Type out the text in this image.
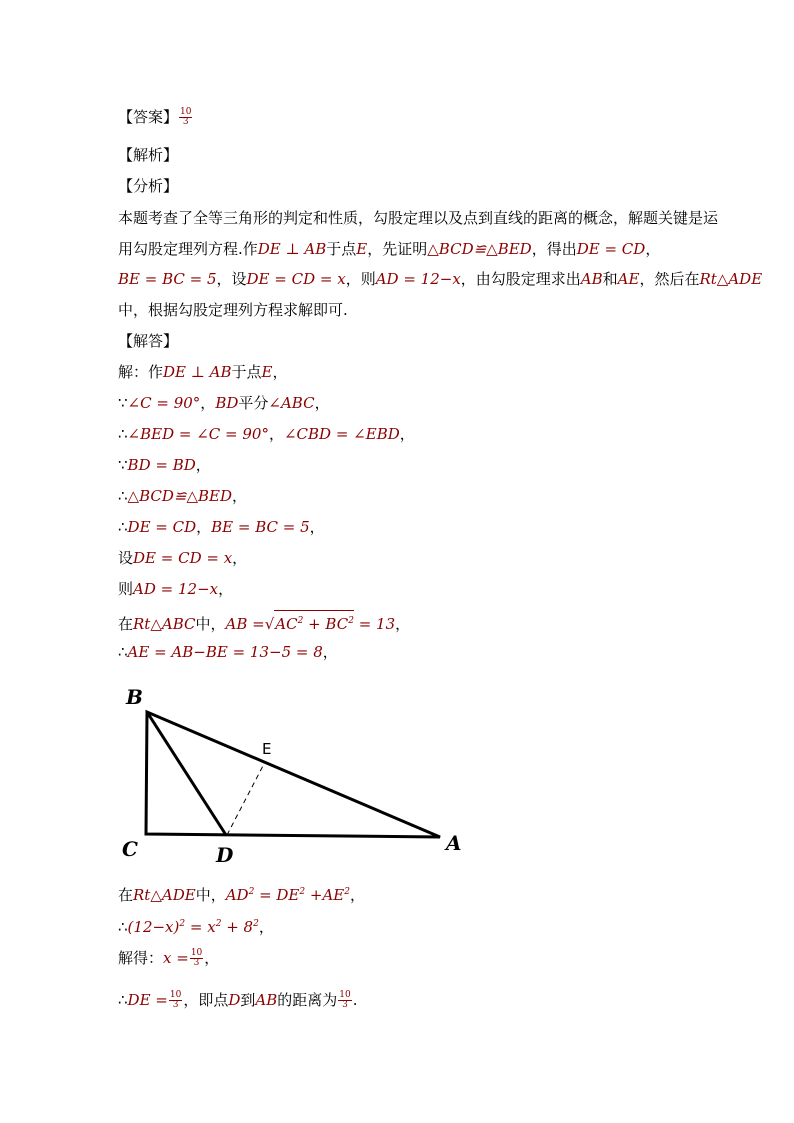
【答案】 $\frac{10}{3}$
【解析】
【分析】
本题考查了全等三角形的判定和性质，勾股定理以及点到直线的距离的概念，解题关键是运
用勾股定理列方程.作DE ⊥ AB于点E，先证明△BCD≌△BED，得出DE = CD，
BE = BC = 5，设DE = CD = x，则AD = 12−x，由勾股定理求出AB和AE，然后在Rt△ADE
中，根据勾股定理列方程求解即可.
【解答】
解：作DE ⊥ AB于点E，
∵∠C = 90°，BD平分∠ABC，
∴∠BED = ∠C = 90°，∠CBD = ∠EBD，
∵BD = BD，
∴△BCD≌△BED，
∴DE = CD，BE = BC = 5，
设DE = CD = x，
则AD = 12−x，
在Rt△ABC中，AB $=√AC^2 + BC^2 = 13$，
∴AE = AB−BE = 13−5 = 8，
B
C	D	A
E
在Rt△ADE中，$AD^2 = DE^2 +AE^2$，
$\therefore(12-x)^2 = x^2 + 8^2$，
解得：$x = \frac{10}{3}$ ，
∴DE = $\frac{10}{3}$ ，即点D到AB的距离为 $\frac{10}{3}$ .
